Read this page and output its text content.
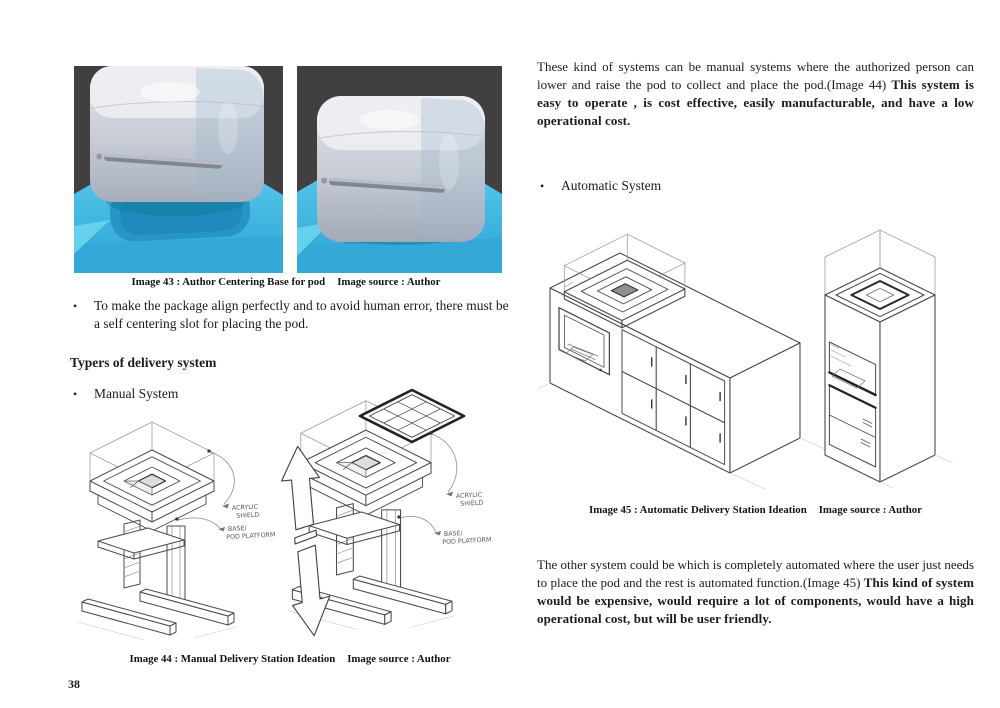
Image 43 : Author Centering Base for pod Image source : Author
•	To make the package align perfectly and to avoid human error, there must be a self centering slot for placing the pod.
Typers of delivery system
•	Manual System
ACRYLICSHIELD
BASE/POD PLATFORM
ACRYLICSHIELD
BASE/POD PLATFORM
Image 44 : Manual Delivery Station Ideation Image source : Author
38
These kind of systems can be manual systems where the authorized person can lower and raise the pod to collect and place the pod.(Image 44) This system is easy to operate , is cost effective, easily manufacturable, and have a low operational cost.
•	Automatic System
Image 45 : Automatic Delivery Station Ideation Image source : Author
The other system could be which is completely automated where the user just needs to place the pod and the rest is automated function.(Image 45) This kind of system would be expensive, would require a lot of components, would have a high operational cost, but will be user friendly.
